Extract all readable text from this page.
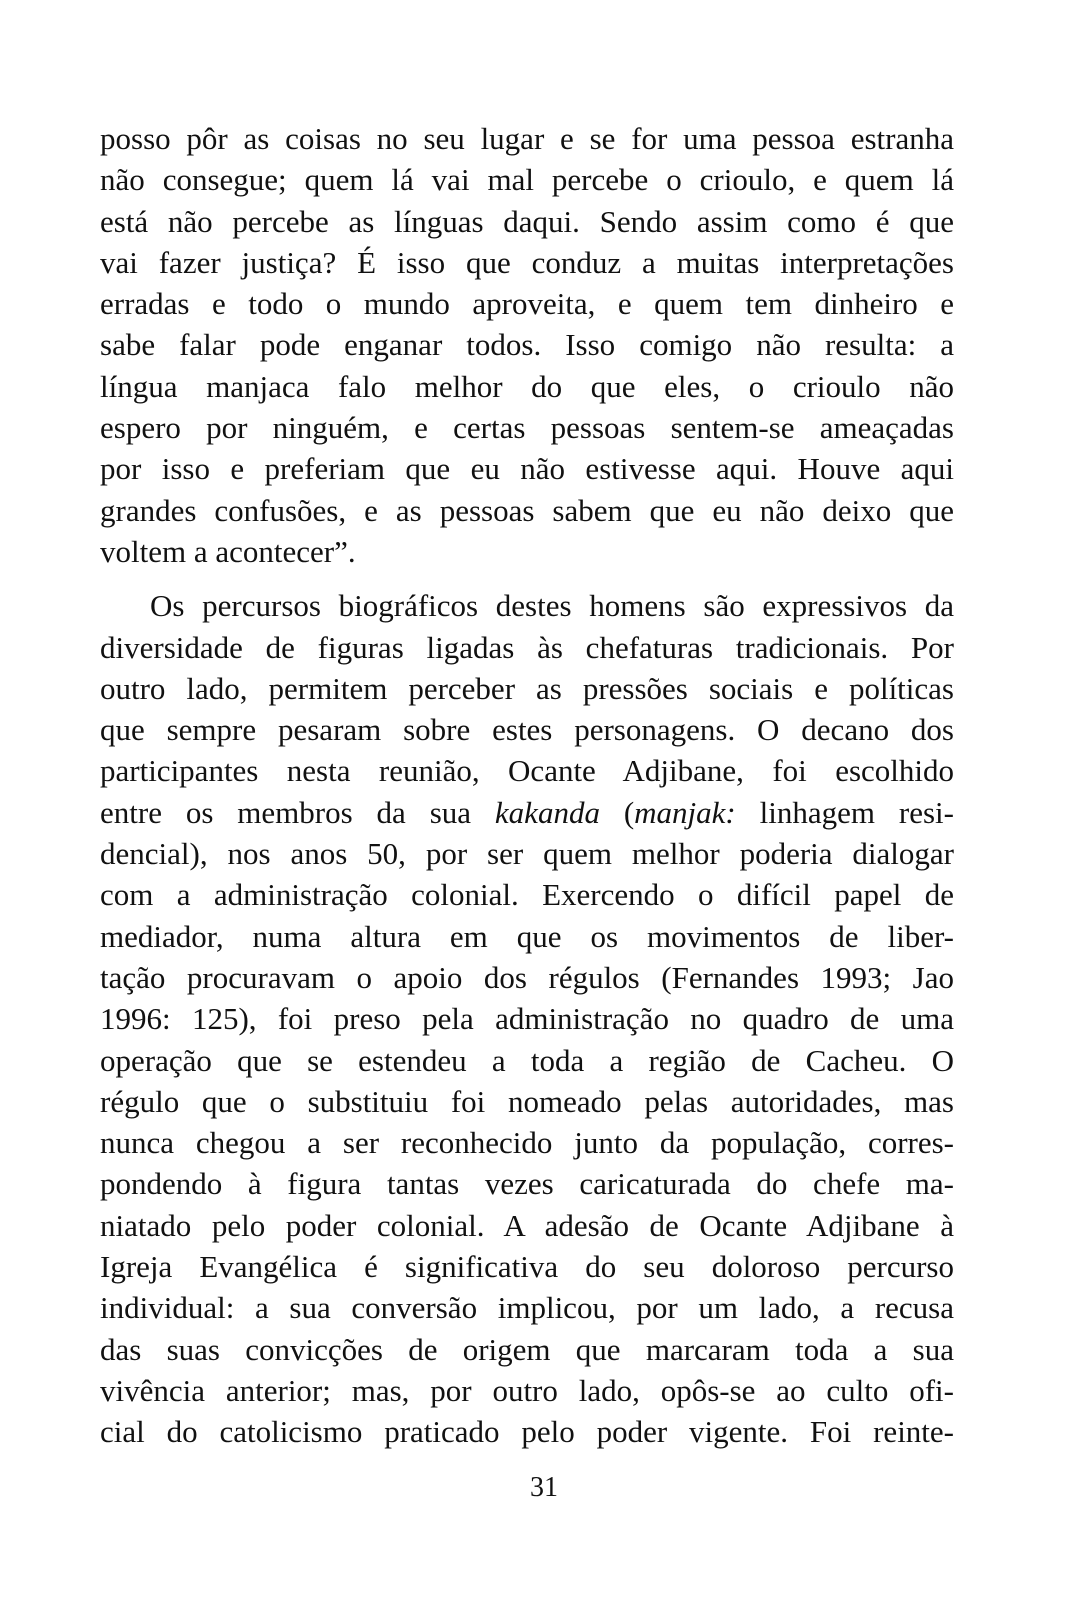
posso pôr as coisas no seu lugar e se for uma pessoa estranha
não consegue; quem lá vai mal percebe o crioulo, e quem lá
está não percebe as línguas daqui. Sendo assim como é que
vai fazer justiça? É isso que conduz a muitas interpretações
erradas e todo o mundo aproveita, e quem tem dinheiro e
sabe falar pode enganar todos. Isso comigo não resulta: a
língua manjaca falo melhor do que eles, o crioulo não
espero por ninguém, e certas pessoas sentem-se ameaçadas
por isso e preferiam que eu não estivesse aqui. Houve aqui
grandes confusões, e as pessoas sabem que eu não deixo que
voltem a acontecer”.
Os percursos biográficos destes homens são expressivos da
diversidade de figuras ligadas às chefaturas tradicionais. Por
outro lado, permitem perceber as pressões sociais e políticas
que sempre pesaram sobre estes personagens. O decano dos
participantes nesta reunião, Ocante Adjibane, foi escolhido
entre os membros da sua kakanda (manjak: linhagem resi-
dencial), nos anos 50, por ser quem melhor poderia dialogar
com a administração colonial. Exercendo o difícil papel de
mediador, numa altura em que os movimentos de liber-
tação procuravam o apoio dos régulos (Fernandes 1993; Jao
1996: 125), foi preso pela administração no quadro de uma
operação que se estendeu a toda a região de Cacheu. O
régulo que o substituiu foi nomeado pelas autoridades, mas
nunca chegou a ser reconhecido junto da população, corres-
pondendo à figura tantas vezes caricaturada do chefe ma-
niatado pelo poder colonial. A adesão de Ocante Adjibane à
Igreja Evangélica é significativa do seu doloroso percurso
individual: a sua conversão implicou, por um lado, a recusa
das suas convicções de origem que marcaram toda a sua
vivência anterior; mas, por outro lado, opôs-se ao culto ofi-
cial do catolicismo praticado pelo poder vigente. Foi reinte-
31
